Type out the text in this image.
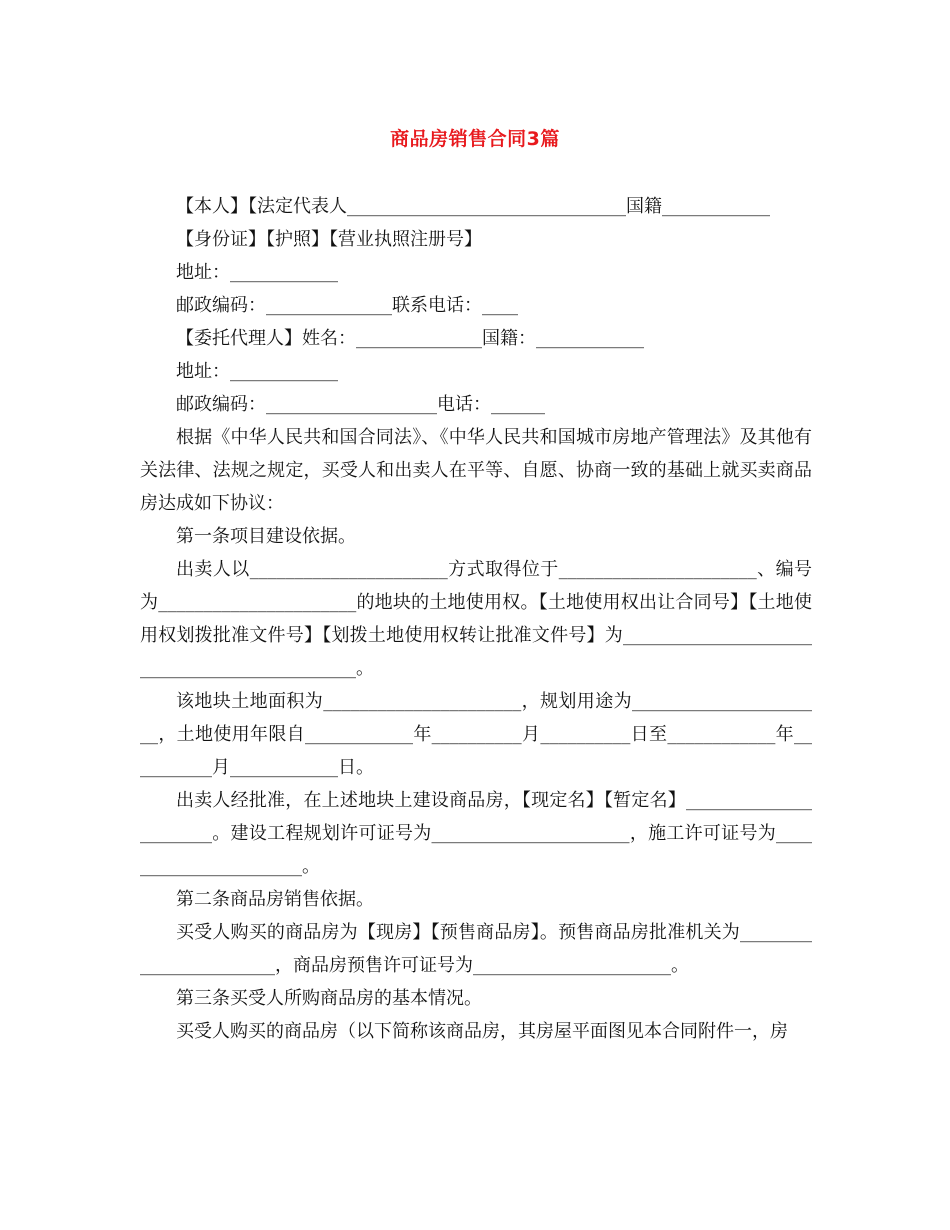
商品房销售合同3篇

【本人】【法定代表人_______________________________国籍____________

【身份证】【护照】【营业执照注册号】

地址：____________

邮政编码：______________联系电话：____

【委托代理人】姓名：______________国籍：____________

地址：____________

邮政编码：___________________电话：______

根据《中华人民共和国合同法》、《中华人民共和国城市房地产管理法》及其他有关法律、法规之规定，买受人和出卖人在平等、自愿、协商一致的基础上就买卖商品房达成如下协议：

第一条项目建设依据。

出卖人以______________________方式取得位于______________________、编号为______________________的地块的土地使用权。【土地使用权出让合同号】【土地使用权划拨批准文件号】【划拨土地使用权转让批准文件号】为_____________________________________________。

该地块土地面积为______________________，规划用途为______________________，土地使用年限自____________年__________月__________日至____________年__________月____________日。

出卖人经批准，在上述地块上建设商品房，【现定名】【暂定名】______________________。建设工程规划许可证号为______________________，施工许可证号为______________________。

第二条商品房销售依据。

买受人购买的商品房为【现房】【预售商品房】。预售商品房批准机关为_______________________，商品房预售许可证号为______________________。

第三条买受人所购商品房的基本情况。

买受人购买的商品房（以下简称该商品房，其房屋平面图见本合同附件一，房
